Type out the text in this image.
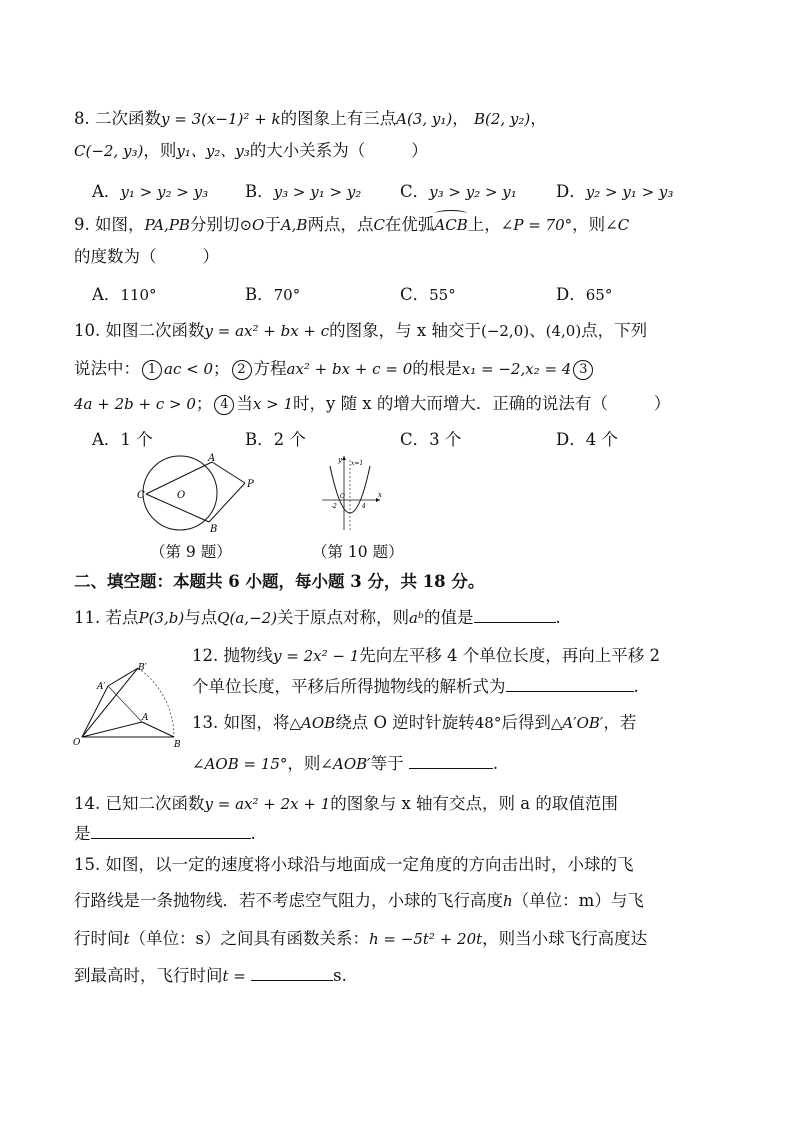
8. 二次函数y = 3(x−1)² + k的图象上有三点A(3, y₁)， B(2, y₂)，
C(−2, y₃)，则y₁、y₂、y₃的大小关系为（	）
A．y₁ > y₂ > y₃ B．y₃ > y₁ > y₂ C．y₃ > y₂ > y₁ D．y₂ > y₁ > y₃
9. 如图，PA,PB分别切⊙O于A,B两点，点C在优弧ACB上，∠P = 70°，则∠C
的度数为（	）
A．110°	B．70°	C．55°	D．65°
10. 如图二次函数y = ax² + bx + c的图象，与 x 轴交于(−2,0)、(4,0)点，下列
说法中： 1 ac < 0； 2 方程ax² + bx + c = 0的根是x₁ = −2,x₂ = 4 3
4a + 2b + c > 0； 4 当x > 1时，y 随 x 的增大而增大．正确的说法有（	）
A．1 个	B．2 个	C．3 个	D．4 个
A
B
C	O
P
（第 9 题）
y
x
x=1
O
-2	4
（第 10 题）
二、填空题：本题共 6 小题，每小题 3 分，共 18 分。
11. 若点P(3,b)与点Q(a,−2)关于原点对称，则aᵇ的值是	.
O
A
B
A′
B′
12. 抛物线y = 2x² − 1先向左平移 4 个单位长度，再向上平移 2
个单位长度，平移后所得抛物线的解析式为	.
13. 如图，将△AOB绕点 O 逆时针旋转48°后得到△A′OB′，若
∠AOB = 15°，则∠AOB′等于	.
14. 已知二次函数y = ax² + 2x + 1的图象与 x 轴有交点，则 a 的取值范围
是	.
15. 如图，以一定的速度将小球沿与地面成一定角度的方向击出时，小球的飞
行路线是一条抛物线．若不考虑空气阻力，小球的飞行高度h（单位：m）与飞
行时间t（单位：s）之间具有函数关系：h = −5t² + 20t，则当小球飞行高度达
到最高时，飞行时间t =	s.
